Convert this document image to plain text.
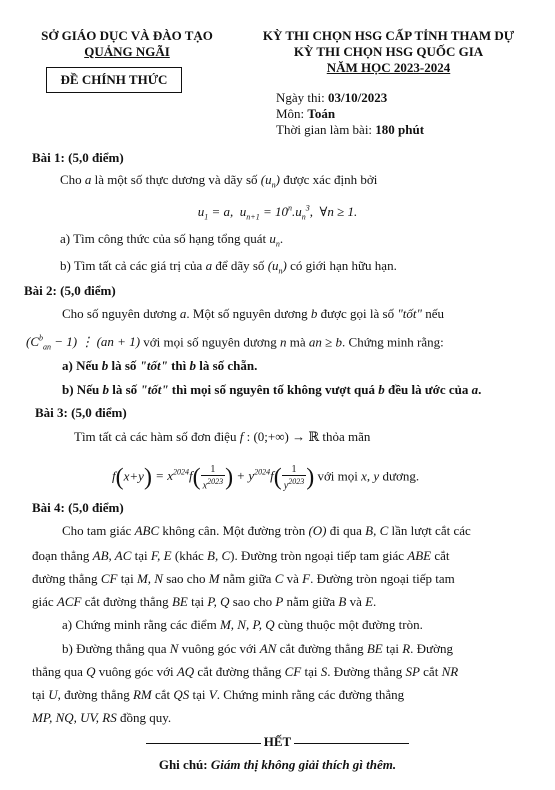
SỞ GIÁO DỤC VÀ ĐÀO TẠO
QUẢNG NGÃI
ĐỀ CHÍNH THỨC
KỲ THI CHỌN HSG CẤP TỈNH THAM DỰ
KỲ THI CHỌN HSG QUỐC GIA
NĂM HỌC 2023-2024
Ngày thi: 03/10/2023
Môn: Toán
Thời gian làm bài: 180 phút
Bài 1: (5,0 điểm)
Cho a là một số thực dương và dãy số $(u_n)$ được xác định bởi
$u_1 = a$,  $u_{n+1} = 10^n.u_n^3$,  ∀n ≥ 1.
a) Tìm công thức của số hạng tổng quát $u_n$.
b) Tìm tất cả các giá trị của a để dãy số $(u_n)$ có giới hạn hữu hạn.
Bài 2: (5,0 điểm)
Cho số nguyên dương a. Một số nguyên dương b được gọi là số "tốt" nếu
$(C^b_{an} - 1)$ ⋮ (an + 1) với mọi số nguyên dương n mà an ≥ b. Chứng minh rằng:
a) Nếu b là số "tốt" thì b là số chẵn.
b) Nếu b là số "tốt" thì mọi số nguyên tố không vượt quá b đều là ước của a.
Bài 3: (5,0 điểm)
Tìm tất cả các hàm số đơn điệu f : (0;+∞) → ℝ thỏa mãn
$f(x+y) = x^{2024}f( \frac{1}{x^{2023}}$ ) + $y^{2024}f( \frac{1}{y^{2023}}$ ) với mọi x, y dương.
Bài 4: (5,0 điểm)
Cho tam giác ABC không cân. Một đường tròn (O) đi qua B, C lần lượt cắt các
đoạn thẳng AB, AC tại F, E (khác B, C). Đường tròn ngoại tiếp tam giác ABE cắt
đường thẳng CF tại M, N sao cho M nằm giữa C và F. Đường tròn ngoại tiếp tam
giác ACF cắt đường thẳng BE tại P, Q sao cho P nằm giữa B và E.
a) Chứng minh rằng các điểm M, N, P, Q cùng thuộc một đường tròn.
b) Đường thẳng qua N vuông góc với AN cắt đường thẳng BE tại R. Đường
thẳng qua Q vuông góc với AQ cắt đường thẳng CF tại S. Đường thẳng SP cắt NR
tại U, đường thẳng RM cắt QS tại V. Chứng minh rằng các đường thẳng
MP, NQ, UV, RS đồng quy.
HẾT
Ghi chú: Giám thị không giải thích gì thêm.
